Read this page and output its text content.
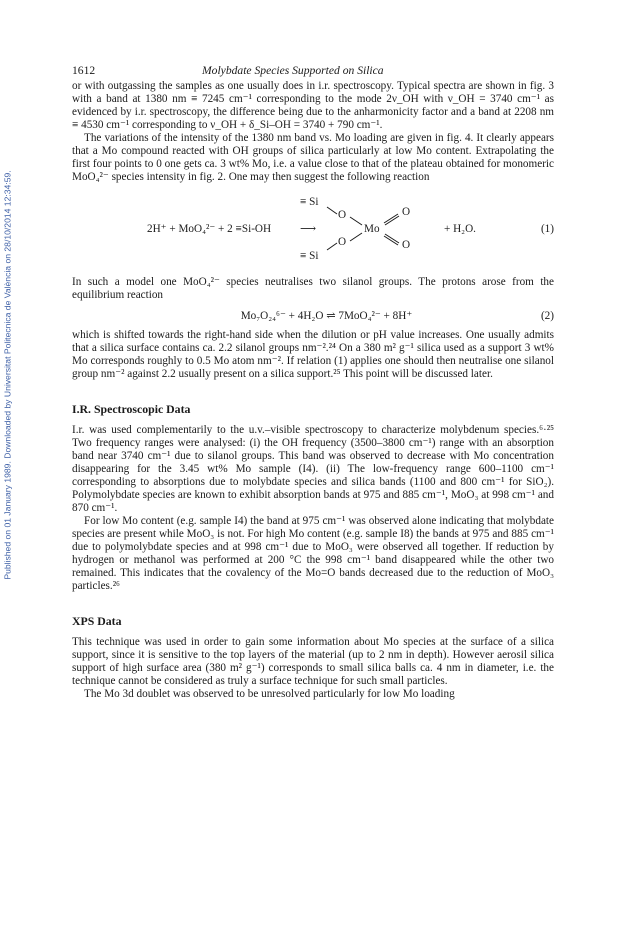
Published on 01 January 1989. Downloaded by Universitat Politecnica de València on 28/10/2014 12:34:59.
1612	Molybdate Species Supported on Silica

or with outgassing the samples as one usually does in i.r. spectroscopy. Typical spectra are shown in fig. 3 with a band at 1380 nm ≡ 7245 cm⁻¹ corresponding to the mode 2ν_OH with ν_OH = 3740 cm⁻¹ as evidenced by i.r. spectroscopy, the difference being due to the anharmonicity factor and a band at 2208 nm ≡ 4530 cm⁻¹ corresponding to ν_OH + δ_Si–OH = 3740 + 790 cm⁻¹.

The variations of the intensity of the 1380 nm band vs. Mo loading are given in fig. 4. It clearly appears that a Mo compound reacted with OH groups of silica particularly at low Mo content. Extrapolating the first four points to 0 one gets ca. 3 wt% Mo, i.e. a value close to that of the plateau obtained for monomeric MoO₄²⁻ species intensity in fig. 2. One may then suggest the following reaction

≡ Si
O
2H⁺ + MoO₄²⁻ + 2 ≡Si-OH	⟶	Mo
O
O
O
≡ Si
+ H₂O.	(1)

In such a model one MoO₄²⁻ species neutralises two silanol groups. The protons arose from the equilibrium reaction

Mo₇O₂₄⁶⁻ + 4H₂O ⇌ 7MoO₄²⁻ + 8H⁺	(2)

which is shifted towards the right-hand side when the dilution or pH value increases. One usually admits that a silica surface contains ca. 2.2 silanol groups nm⁻².²⁴ On a 380 m² g⁻¹ silica used as a support 3 wt% Mo corresponds roughly to 0.5 Mo atom nm⁻². If relation (1) applies one should then neutralise one silanol group nm⁻² against 2.2 usually present on a silica support.²⁵ This point will be discussed later.

I.R. Spectroscopic Data

I.r. was used complementarily to the u.v.–visible spectroscopy to characterize molybdenum species.⁶·²⁵ Two frequency ranges were analysed: (i) the OH frequency (3500–3800 cm⁻¹) range with an absorption band near 3740 cm⁻¹ due to silanol groups. This band was observed to decrease with Mo concentration disappearing for the 3.45 wt% Mo sample (I4). (ii) The low-frequency range 600–1100 cm⁻¹ corresponding to absorptions due to molybdate species and silica bands (1100 and 800 cm⁻¹ for SiO₂). Polymolybdate species are known to exhibit absorption bands at 975 and 885 cm⁻¹, MoO₃ at 998 cm⁻¹ and 870 cm⁻¹.

For low Mo content (e.g. sample I4) the band at 975 cm⁻¹ was observed alone indicating that molybdate species are present while MoO₃ is not. For high Mo content (e.g. sample I8) the bands at 975 and 885 cm⁻¹ due to polymolybdate species and at 998 cm⁻¹ due to MoO₃ were observed all together. If reduction by hydrogen or methanol was performed at 200 °C the 998 cm⁻¹ band disappeared while the other two remained. This indicates that the covalency of the Mo=O bands decreased due to the reduction of MoO₃ particles.²⁶

XPS Data

This technique was used in order to gain some information about Mo species at the surface of a silica support, since it is sensitive to the top layers of the material (up to 2 nm in depth). However aerosil silica support of high surface area (380 m² g⁻¹) corresponds to small silica balls ca. 4 nm in diameter, i.e. the technique cannot be considered as truly a surface technique for such small particles.

The Mo 3d doublet was observed to be unresolved particularly for low Mo loading
